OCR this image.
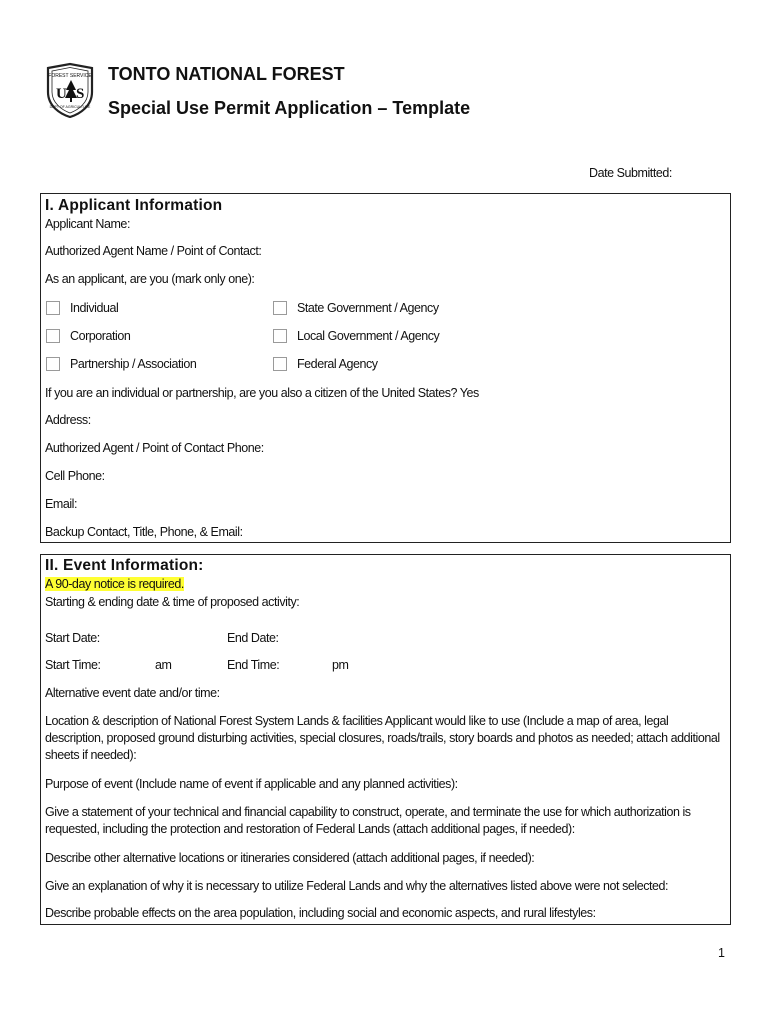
FOREST SERVICE
U S
DEPT OF AGRICULTURE
TONTO NATIONAL FOREST
Special Use Permit Application – Template
Date Submitted:
I. Applicant Information
Applicant Name:
Authorized Agent Name / Point of Contact:
As an applicant, are you (mark only one):
Individual	State Government / Agency
Corporation	Local Government / Agency
Partnership / Association	Federal Agency
If you are an individual or partnership, are you also a citizen of the United States? Yes
Address:
Authorized Agent / Point of Contact Phone:
Cell Phone:
Email:
Backup Contact, Title, Phone, & Email:
II. Event Information:
A 90-day notice is required.
Starting & ending date & time of proposed activity:
Start Date:	End Date:
Start Time:	am	End Time:	pm
Alternative event date and/or time:
Location & description of National Forest System Lands & facilities Applicant would like to use (Include a map of area, legal description, proposed ground disturbing activities, special closures, roads/trails, story boards and photos as needed; attach additional sheets if needed):
Purpose of event (Include name of event if applicable and any planned activities):
Give a statement of your technical and financial capability to construct, operate, and terminate the use for which authorization is requested, including the protection and restoration of Federal Lands (attach additional pages, if needed):
Describe other alternative locations or itineraries considered (attach additional pages, if needed):
Give an explanation of why it is necessary to utilize Federal Lands and why the alternatives listed above were not selected:
Describe probable effects on the area population, including social and economic aspects, and rural lifestyles:
1
